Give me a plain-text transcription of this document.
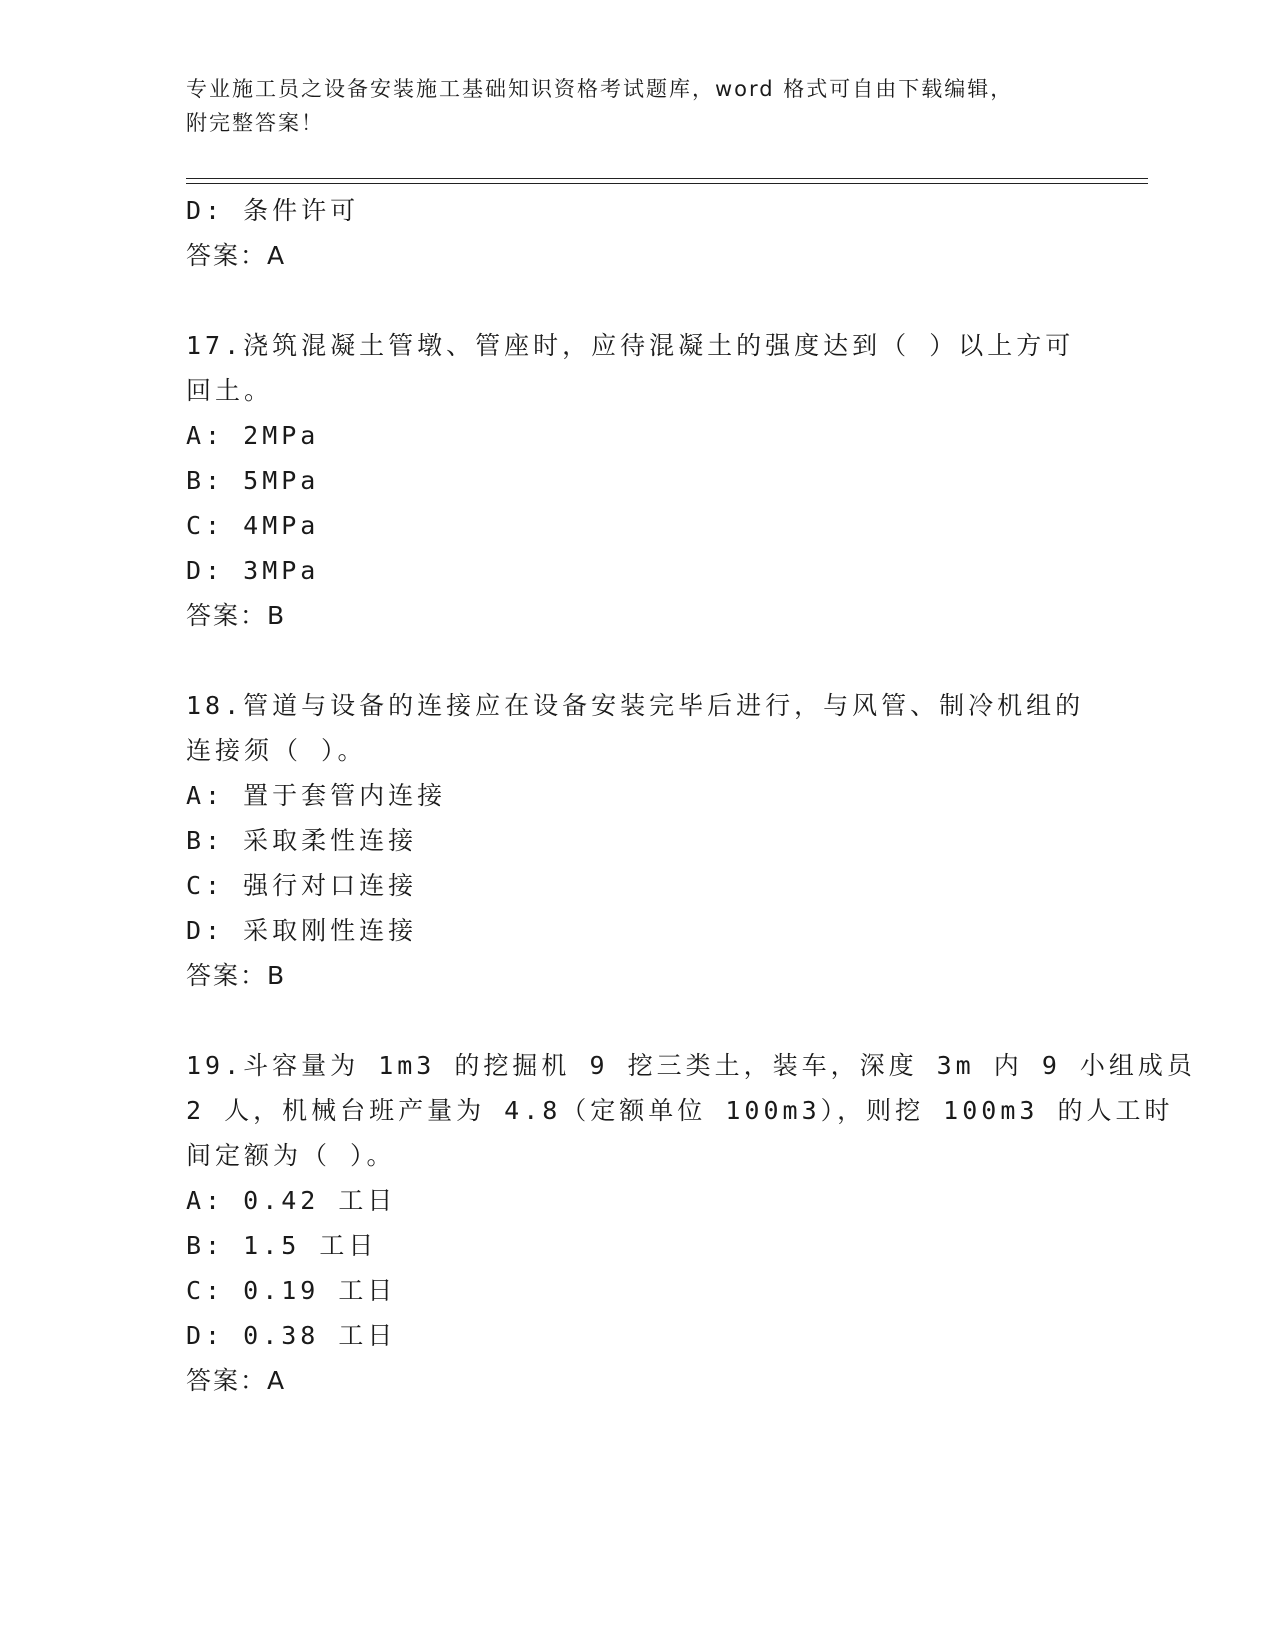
专业施工员之设备安装施工基础知识资格考试题库，word 格式可自由下载编辑，
附完整答案！
D: 条件许可
答案：A
17.浇筑混凝土管墩、管座时，应待混凝土的强度达到（ ）以上方可
回土。
A: 2MPa
B: 5MPa
C: 4MPa
D: 3MPa
答案：B
18.管道与设备的连接应在设备安装完毕后进行，与风管、制冷机组的
连接须（ ）。
A: 置于套管内连接
B: 采取柔性连接
C: 强行对口连接
D: 采取刚性连接
答案：B
19.斗容量为 1m3 的挖掘机 9 挖三类土，装车，深度 3m 内 9 小组成员
2 人，机械台班产量为 4.8（定额单位 100m3），则挖 100m3 的人工时
间定额为（ ）。
A: 0.42 工日
B: 1.5 工日
C: 0.19 工日
D: 0.38 工日
答案：A
